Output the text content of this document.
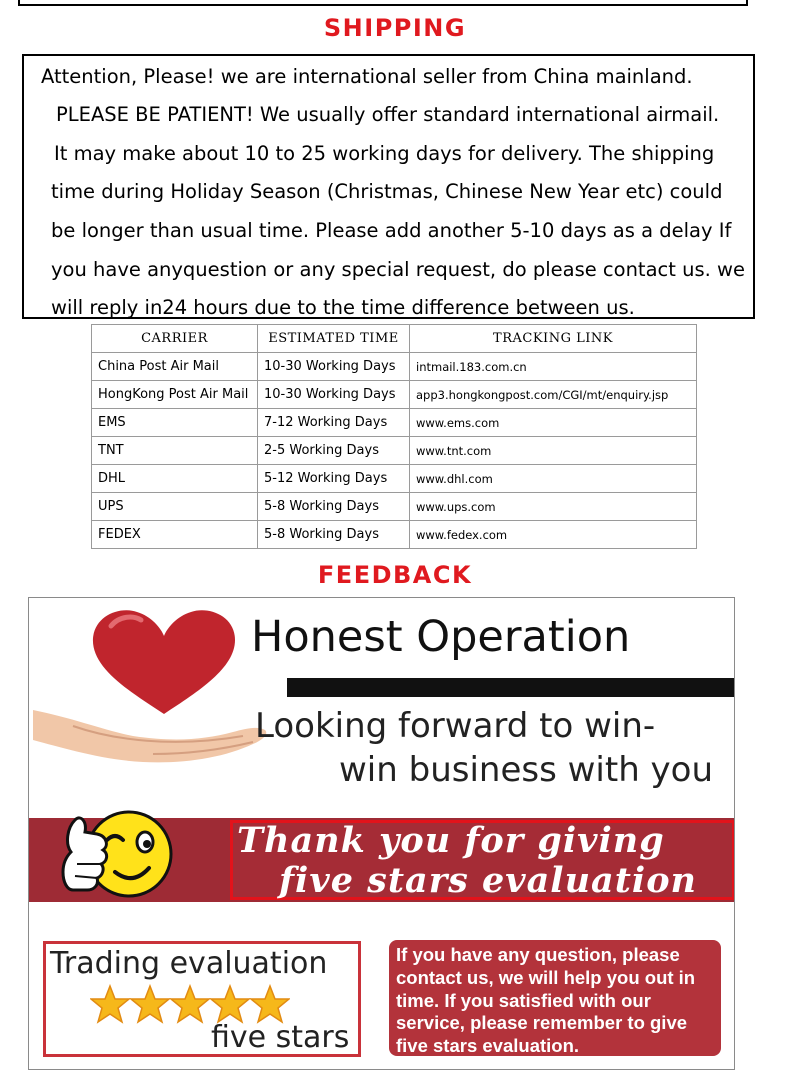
SHIPPING
Attention, Please! we are international seller from China mainland.
PLEASE BE PATIENT! We usually offer standard international airmail.
It may make about 10 to 25 working days for delivery. The shipping
time during Holiday Season (Christmas, Chinese New Year etc) could
be longer than usual time. Please add another 5-10 days as a delay If
you have anyquestion or any special request, do please contact us. we
will reply in24 hours due to the time difference between us.
CARRIER	ESTIMATED TIME	TRACKING LINK
China Post Air Mail	10-30 Working Days	intmail.183.com.cn
HongKong Post Air Mail	10-30 Working Days	app3.hongkongpost.com/CGI/mt/enquiry.jsp
EMS	7-12 Working Days	www.ems.com
TNT	2-5 Working Days	www.tnt.com
DHL	5-12 Working Days	www.dhl.com
UPS	5-8 Working Days	www.ups.com
FEDEX	5-8 Working Days	www.fedex.com
FEEDBACK
Honest Operation
Looking forward to win-
win business with you
Thank you for giving
five stars evaluation
Trading evaluation
five stars
If you have any question, please contact us, we will help you out in time. If you satisfied with our service, please remember to give five stars evaluation.
